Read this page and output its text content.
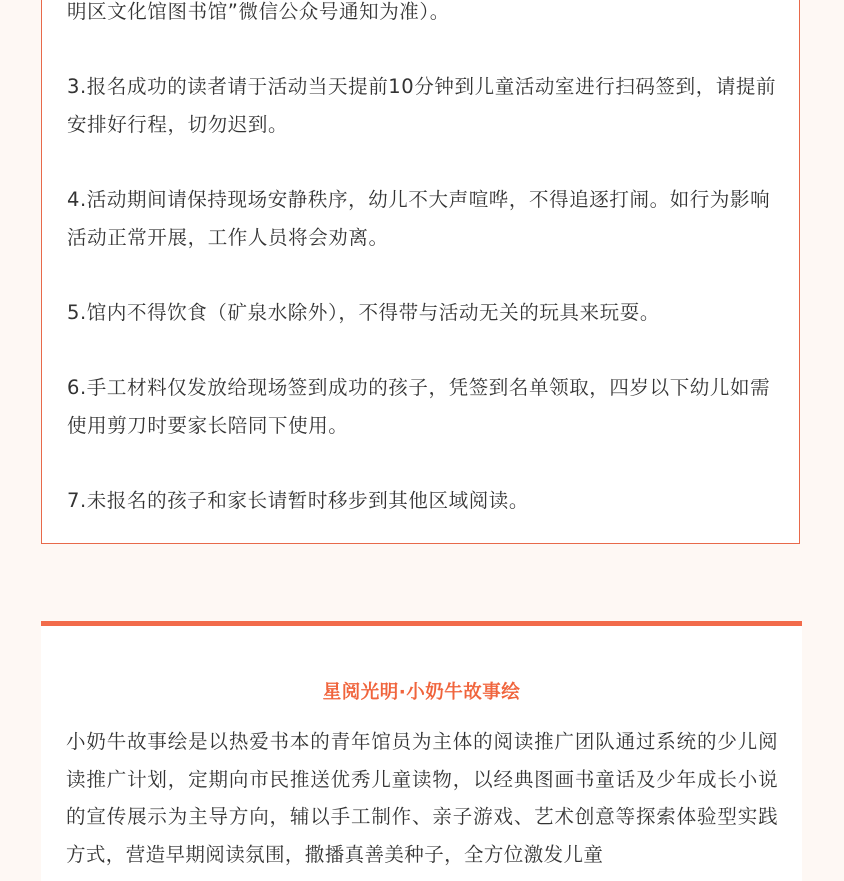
明区文化馆图书馆”微信公众号通知为准）。
3.报名成功的读者请于活动当天提前10分钟到儿童活动室进行扫码签到，请提前安排好行程，切勿迟到。
4.活动期间请保持现场安静秩序，幼儿不大声喧哗，不得追逐打闹。如行为影响活动正常开展，工作人员将会劝离。
5.馆内不得饮食（矿泉水除外），不得带与活动无关的玩具来玩耍。
6.手工材料仅发放给现场签到成功的孩子，凭签到名单领取，四岁以下幼儿如需使用剪刀时要家长陪同下使用。
7.未报名的孩子和家长请暂时移步到其他区域阅读。
星阅光明·小奶牛故事绘
小奶牛故事绘是以热爱书本的青年馆员为主体的阅读推广团队通过系统的少儿阅读推广计划，定期向市民推送优秀儿童读物，以经典图画书童话及少年成长小说的宣传展示为主导方向，辅以手工制作、亲子游戏、艺术创意等探索体验型实践方式，营造早期阅读氛围，撒播真善美种子，全方位激发儿童
